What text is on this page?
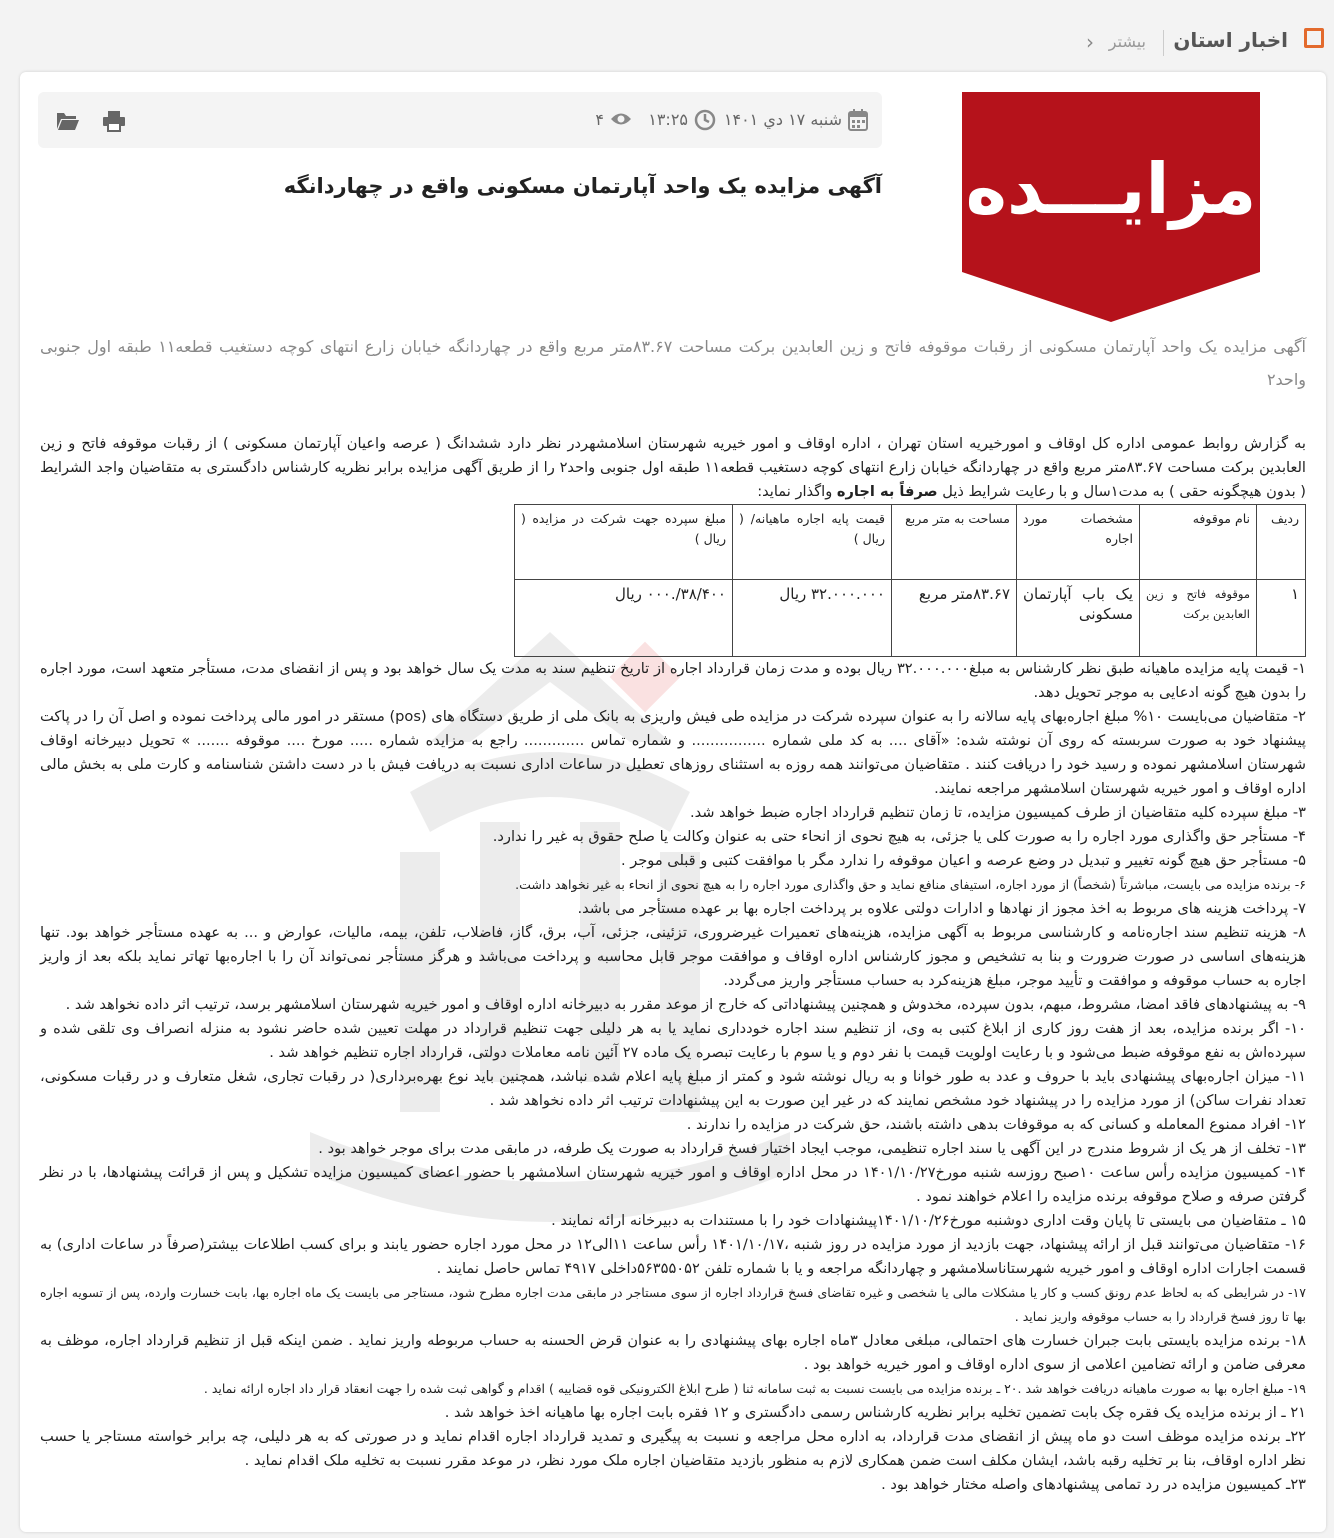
اخبار استان
بیشتر
‹
مزایـــده
شنبه ۱۷ دي ۱۴۰۱
۱۳:۲۵
۴
آگهی مزایده یک واحد آپارتمان مسکونی واقع در چهاردانگه
آگهی مزایده یک واحد آپارتمان مسکونی از رقبات موقوفه فاتح و زین العابدین برکت مساحت ۸۳.۶۷متر مربع واقع در چهاردانگه خیابان زارع انتهای کوچه دستغیب قطعه۱۱ طبقه اول جنوبی واحد۲

به گزارش روابط عمومی اداره کل اوقاف و امورخیریه استان تهران ، اداره اوقاف و امور خیریه شهرستان اسلامشهردر نظر دارد ششدانگ ( عرصه واعیان آپارتمان مسکونی ) از رقبات موقوفه فاتح و زین العابدین برکت مساحت ۸۳.۶۷متر مربع واقع در چهاردانگه خیابان زارع انتهای کوچه دستغیب قطعه۱۱ طبقه اول جنوبی واحد۲ را از طریق آگهی مزایده برابر نظریه کارشناس دادگستری به متقاضیان واجد الشرایط ( بدون هیچگونه حقی ) به مدت۱سال و با رعایت شرایط ذیل صرفاً به اجاره واگذار نماید:

ردیف	نام موقوفه	مشخصات مورد اجاره	مساحت به متر مربع	قیمت پایه اجاره ماهیانه/ ( ریال )	مبلغ سپرده جهت شرکت در مزایده ( ریال )
۱	موقوفه فاتح و زین العابدین برکت	یک باب آپارتمان مسکونی	۸۳.۶۷متر مربع	۳۲.۰۰۰.۰۰۰ ریال	۳۸/۴۰۰/.۰۰۰ ریال

۱- قیمت پایه مزایده ماهیانه طبق نظر کارشناس به مبلغ۳۲.۰۰۰.۰۰۰ ریال بوده و مدت زمان قرارداد اجاره از تاریخ تنظیم سند به مدت یک سال خواهد بود و پس از انقضای مدت، مستأجر متعهد است، مورد اجاره را بدون هیچ گونه ادعایی به موجر تحویل دهد.

۲- متقاضیان می‌بایست ۱۰% مبلغ اجاره‌بهای پایه سالانه را به عنوان سپرده شرکت در مزایده طی فیش واریزی به بانک ملی از طریق دستگاه های (pos) مستقر در امور مالی پرداخت نموده و اصل آن را در پاکت پیشنهاد خود به صورت سربسته که روی آن نوشته شده: «آقای .... به کد ملی شماره ................ و شماره تماس ............. راجع به مزایده شماره ..... مورخ .... موقوفه ....... » تحویل دبیرخانه اوقاف شهرستان اسلامشهر نموده و رسید خود را دریافت کنند . متقاضیان می‌توانند همه روزه به استثنای روزهای تعطیل در ساعات اداری نسبت به دریافت فیش با در دست داشتن شناسنامه و کارت ملی به بخش مالی اداره اوقاف و امور خیریه شهرستان اسلامشهر مراجعه نمایند.

۳- مبلغ سپرده کلیه متقاضیان از طرف کمیسیون مزایده، تا زمان تنظیم قرارداد اجاره ضبط خواهد شد.

۴- مستأجر حق واگذاری مورد اجاره را به صورت کلی یا جزئی، به هیچ نحوی از انحاء حتی به عنوان وکالت یا صلح حقوق به غیر را ندارد.

۵- مستأجر حق هیچ گونه تغییر و تبدیل در وضع عرصه و اعیان موقوفه را ندارد مگر با موافقت کتبی و قبلی موجر .

۶- برنده مزایده می بایست، مباشرتاً (شخصاً) از مورد اجاره، استیفای منافع نماید و حق واگذاری مورد اجاره را به هیچ نحوی از انحاء به غیر نخواهد داشت.

۷- پرداخت هزینه های مربوط به اخذ مجوز از نهادها و ادارات دولتی علاوه بر پرداخت اجاره بها بر عهده مستأجر می باشد.

۸- هزینه تنظیم سند اجاره‌نامه و کارشناسی مربوط به آگهی مزایده، هزینه‌های تعمیرات غیرضروری، تزئینی، جزئی، آب، برق، گاز، فاضلاب، تلفن، بیمه، مالیات، عوارض و ... به عهده مستأجر خواهد بود. تنها هزینه‌های اساسی در صورت ضرورت و بنا به تشخیص و مجوز کارشناس اداره اوقاف و موافقت موجر قابل محاسبه و پرداخت می‌باشد و هرگز مستأجر نمی‌تواند آن را با اجاره‌بها تهاتر نماید بلکه بعد از واریز اجاره به حساب موقوفه و موافقت و تأیید موجر، مبلغ هزینه‌کرد به حساب مستأجر واریز می‌گردد.

۹- به پیشنهادهای فاقد امضا، مشروط، مبهم، بدون سپرده، مخدوش و همچنین پیشنهاداتی که خارج از موعد مقرر به دبیرخانه اداره اوقاف و امور خیریه شهرستان اسلامشهر برسد، ترتیب اثر داده نخواهد شد .

۱۰- اگر برنده مزایده، بعد از هفت روز کاری از ابلاغ کتبی به وی، از تنظیم سند اجاره خودداری نماید یا به هر دلیلی جهت تنظیم قرارداد در مهلت تعیین شده حاضر نشود به منزله انصراف وی تلقی شده و سپرده‌اش به نفع موقوفه ضبط می‌شود و با رعایت اولویت قیمت با نفر دوم و یا سوم با رعایت تبصره یک ماده ۲۷ آئین نامه معاملات دولتی، قرارداد اجاره تنظیم خواهد شد .

۱۱- میزان اجاره‌بهای پیشنهادی باید با حروف و عدد به طور خوانا و به ریال نوشته شود و کمتر از مبلغ پایه اعلام شده نباشد، همچنین باید نوع بهره‌برداری( در رقبات تجاری، شغل متعارف و در رقبات مسکونی، تعداد نفرات ساکن) از مورد مزایده را در پیشنهاد خود مشخص نمایند که در غیر این صورت به این پیشنهادات ترتیب اثر داده نخواهد شد .

۱۲- افراد ممنوع المعامله و کسانی که به موقوفات بدهی داشته باشند، حق شرکت در مزایده را ندارند .

۱۳- تخلف از هر یک از شروط مندرج در این آگهی یا سند اجاره تنظیمی، موجب ایجاد اختیار فسخ قرارداد به صورت یک طرفه، در مابقی مدت برای موجر خواهد بود .

۱۴- کمیسیون مزایده رأس ساعت ۱۰صبح روزسه شنبه مورخ۱۴۰۱/۱۰/۲۷ در محل اداره اوقاف و امور خیریه شهرستان اسلامشهر با حضور اعضای کمیسیون مزایده تشکیل و پس از قرائت پیشنهادها، با در نظر گرفتن صرفه و صلاح موقوفه برنده مزایده را اعلام خواهند نمود .

۱۵ ـ متقاضیان می بایستی تا پایان وقت اداری دوشنبه مورخ۱۴۰۱/۱۰/۲۶پیشنهادات خود را با مستندات به دبیرخانه ارائه نمایند .

۱۶- متقاضیان می‌توانند قبل از ارائه پیشنهاد، جهت بازدید از مورد مزایده در روز شنبه ،۱۴۰۱/۱۰/۱۷ رأس ساعت ۱۱الی۱۲ در محل مورد اجاره حضور یابند و برای کسب اطلاعات بیشتر(صرفاً در ساعات اداری) به قسمت اجارات اداره اوقاف و امور خیریه شهرستاناسلامشهر و چهاردانگه مراجعه و یا با شماره تلفن ۵۶۳۵۵۰۵۲داخلی ۴۹۱۷ تماس حاصل نمایند .

۱۷- در شرایطی که به لحاظ عدم رونق کسب و کار یا مشکلات مالی یا شخصی و غیره تقاضای فسخ قرارداد اجاره از سوی مستاجر در مابقی مدت اجاره مطرح شود، مستاجر می بایست یک ماه اجاره بها، بابت خسارت وارده، پس از تسویه اجاره بها تا روز فسخ قرارداد را به حساب موقوفه واریز نماید .

۱۸- برنده مزایده بایستی بابت جبران خسارت های احتمالی، مبلغی معادل ۳ماه اجاره بهای پیشنهادی را به عنوان قرض الحسنه به حساب مربوطه واریز نماید . ضمن اینکه قبل از تنظیم قرارداد اجاره، موظف به معرفی ضامن و ارائه تضامین اعلامی از سوی اداره اوقاف و امور خیریه خواهد بود .

۱۹- مبلغ اجاره بها به صورت ماهیانه دریافت خواهد شد .۲۰ ـ برنده مزایده می بایست نسبت به ثبت سامانه ثنا ( طرح ابلاغ الکترونیکی قوه قضاییه ) اقدام و گواهی ثبت شده را جهت انعقاد قرار داد اجاره ارائه نماید .

۲۱ ـ از برنده مزایده یک فقره چک بابت تضمین تخلیه برابر نظریه کارشناس رسمی دادگستری و ۱۲ فقره بابت اجاره بها ماهیانه اخذ خواهد شد .

۲۲ـ برنده مزایده موظف است دو ماه پیش از انقضای مدت قرارداد، به اداره محل مراجعه و نسبت به پیگیری و تمدید قرارداد اجاره اقدام نماید و در صورتی که به هر دلیلی، چه برابر خواسته مستاجر یا حسب نظر اداره اوقاف، بنا بر تخلیه رقبه باشد، ایشان مکلف است ضمن همکاری لازم به منظور بازدید متقاضیان اجاره ملک مورد نظر، در موعد مقرر نسبت به تخلیه ملک اقدام نماید .

۲۳ـ کمیسیون مزایده در رد تمامی پیشنهادهای واصله مختار خواهد بود .
